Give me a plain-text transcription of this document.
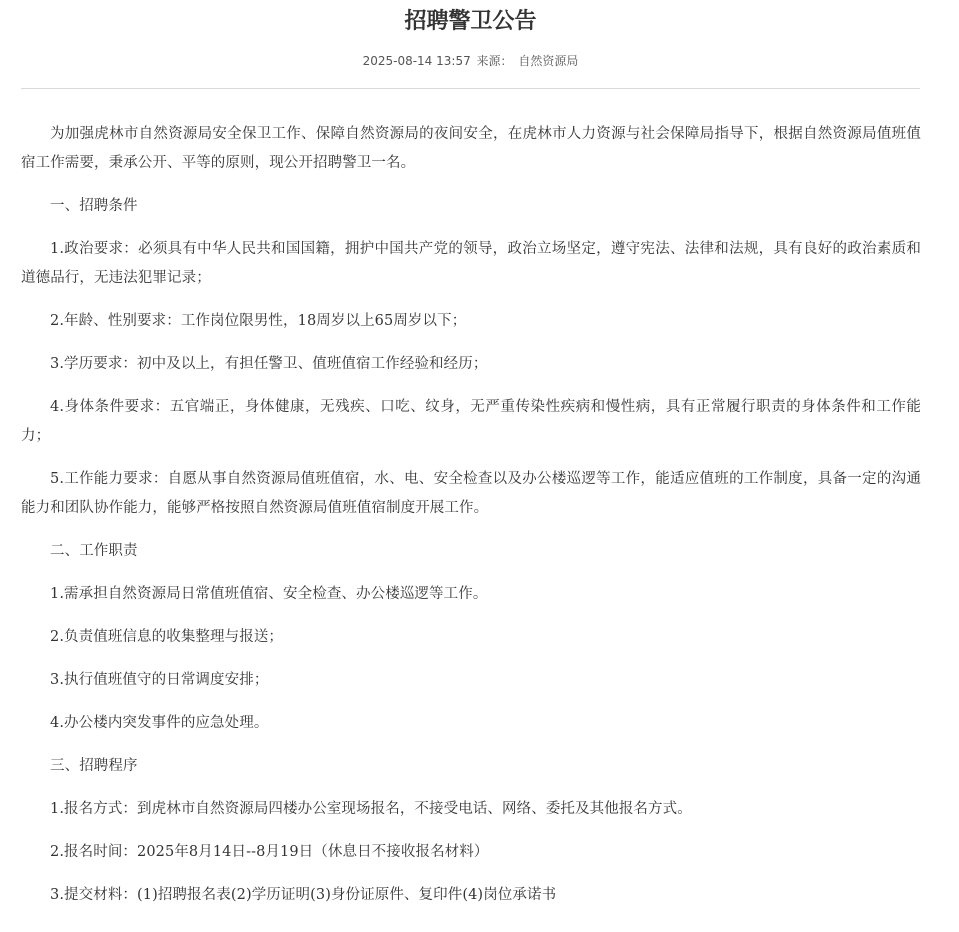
招聘警卫公告
2025-08-14 13:57 来源： 自然资源局

为加强虎林市自然资源局安全保卫工作、保障自然资源局的夜间安全，在虎林市人力资源与社会保障局指导下，根据自然资源局值班值宿工作需要，秉承公开、平等的原则，现公开招聘警卫一名。

一、招聘条件

1.政治要求：必须具有中华人民共和国国籍，拥护中国共产党的领导，政治立场坚定，遵守宪法、法律和法规，具有良好的政治素质和道德品行，无违法犯罪记录；

2.年龄、性别要求：工作岗位限男性，18周岁以上65周岁以下；

3.学历要求：初中及以上，有担任警卫、值班值宿工作经验和经历；

4.身体条件要求：五官端正，身体健康，无残疾、口吃、纹身，无严重传染性疾病和慢性病，具有正常履行职责的身体条件和工作能力；

5.工作能力要求：自愿从事自然资源局值班值宿，水、电、安全检查以及办公楼巡逻等工作，能适应值班的工作制度，具备一定的沟通能力和团队协作能力，能够严格按照自然资源局值班值宿制度开展工作。

二、工作职责

1.需承担自然资源局日常值班值宿、安全检查、办公楼巡逻等工作。

2.负责值班信息的收集整理与报送；

3.执行值班值守的日常调度安排；

4.办公楼内突发事件的应急处理。

三、招聘程序

1.报名方式：到虎林市自然资源局四楼办公室现场报名，不接受电话、网络、委托及其他报名方式。

2.报名时间：2025年8月14日--8月19日（休息日不接收报名材料）

3.提交材料：(1)招聘报名表(2)学历证明(3)身份证原件、复印件(4)岗位承诺书
